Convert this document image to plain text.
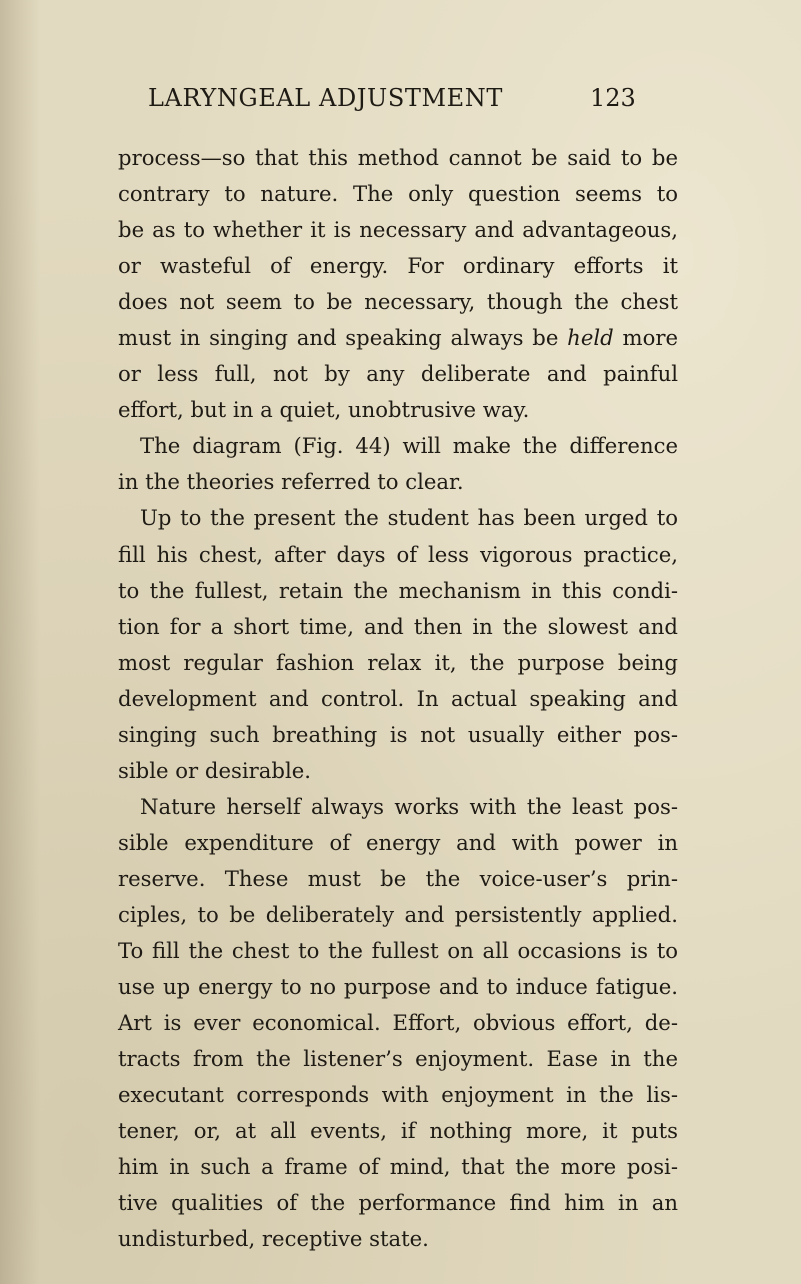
LARYNGEAL ADJUSTMENT	123
process—so that this method cannot be said to be
contrary to nature. The only question seems to
be as to whether it is necessary and advantageous,
or wasteful of energy. For ordinary efforts it
does not seem to be necessary, though the chest
must in singing and speaking always be held more
or less full, not by any deliberate and painful
effort, but in a quiet, unobtrusive way.
The diagram (Fig. 44) will make the difference
in the theories referred to clear.
Up to the present the student has been urged to
fill his chest, after days of less vigorous practice,
to the fullest, retain the mechanism in this condi-
tion for a short time, and then in the slowest and
most regular fashion relax it, the purpose being
development and control. In actual speaking and
singing such breathing is not usually either pos-
sible or desirable.
Nature herself always works with the least pos-
sible expenditure of energy and with power in
reserve. These must be the voice-user’s prin-
ciples, to be deliberately and persistently applied.
To fill the chest to the fullest on all occasions is to
use up energy to no purpose and to induce fatigue.
Art is ever economical. Effort, obvious effort, de-
tracts from the listener’s enjoyment. Ease in the
executant corresponds with enjoyment in the lis-
tener, or, at all events, if nothing more, it puts
him in such a frame of mind, that the more posi-
tive qualities of the performance find him in an
undisturbed, receptive state.
